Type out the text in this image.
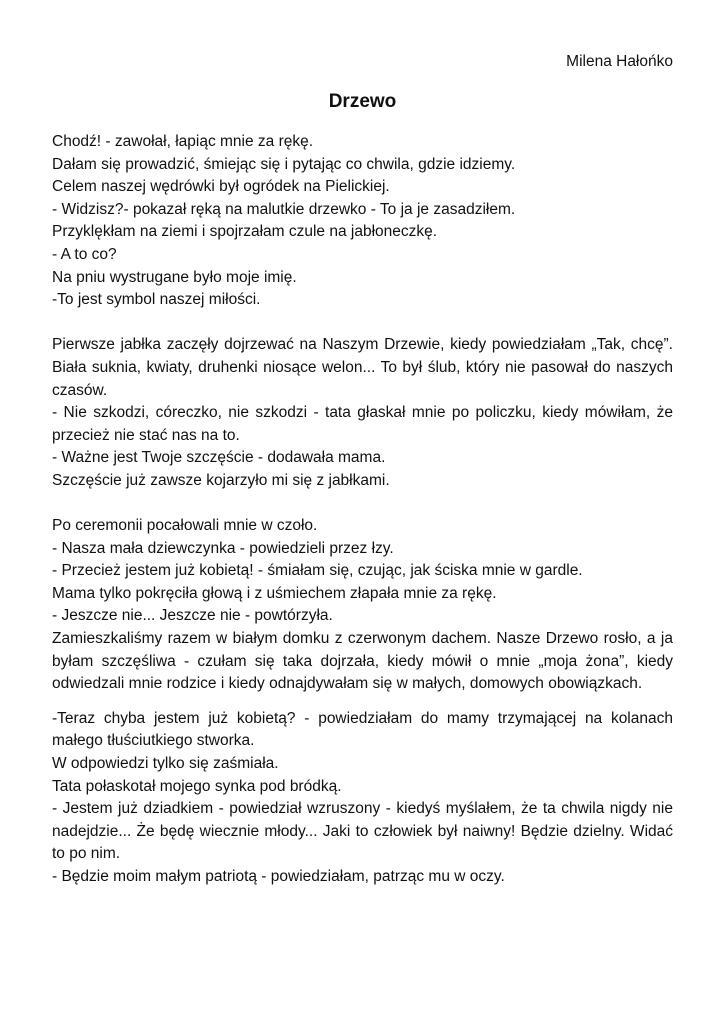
Milena Hałońko
Drzewo
Chodź! - zawołał, łapiąc mnie za rękę.
Dałam się prowadzić, śmiejąc się i pytając co chwila, gdzie idziemy.
Celem naszej wędrówki był ogródek na Pielickiej.
- Widzisz?- pokazał ręką na malutkie drzewko - To ja je zasadziłem.
Przyklękłam na ziemi i spojrzałam czule na jabłoneczkę.
- A to co?
Na pniu wystrugane było moje imię.
-To jest symbol naszej miłości.
Pierwsze jabłka zaczęły dojrzewać na Naszym Drzewie, kiedy powiedziałam „Tak, chcę”. Biała suknia, kwiaty, druhenki niosące welon... To był ślub, który nie pasował do naszych czasów.
- Nie szkodzi, córeczko, nie szkodzi - tata głaskał mnie po policzku, kiedy mówiłam, że przecież nie stać nas na to.
- Ważne jest Twoje szczęście - dodawała mama.
Szczęście już zawsze kojarzyło mi się z jabłkami.
Po ceremonii pocałowali mnie w czoło.
- Nasza mała dziewczynka - powiedzieli przez łzy.
- Przecież jestem już kobietą! - śmiałam się, czując, jak ściska mnie w gardle.
Mama tylko pokręciła głową i z uśmiechem złapała mnie za rękę.
- Jeszcze nie... Jeszcze nie - powtórzyła.
Zamieszkaliśmy razem w białym domku z czerwonym dachem. Nasze Drzewo rosło, a ja byłam szczęśliwa - czułam się taka dojrzała, kiedy mówił o mnie „moja żona”, kiedy odwiedzali mnie rodzice i kiedy odnajdywałam się w małych, domowych obowiązkach.
-Teraz chyba jestem już kobietą? - powiedziałam do mamy trzymającej na kolanach małego tłuściutkiego stworka.
W odpowiedzi tylko się zaśmiała.
Tata połaskotał mojego synka pod bródką.
- Jestem już dziadkiem - powiedział wzruszony - kiedyś myślałem, że ta chwila nigdy nie nadejdzie... Że będę wiecznie młody... Jaki to człowiek był naiwny! Będzie dzielny. Widać to po nim.
- Będzie moim małym patriotą - powiedziałam, patrząc mu w oczy.
